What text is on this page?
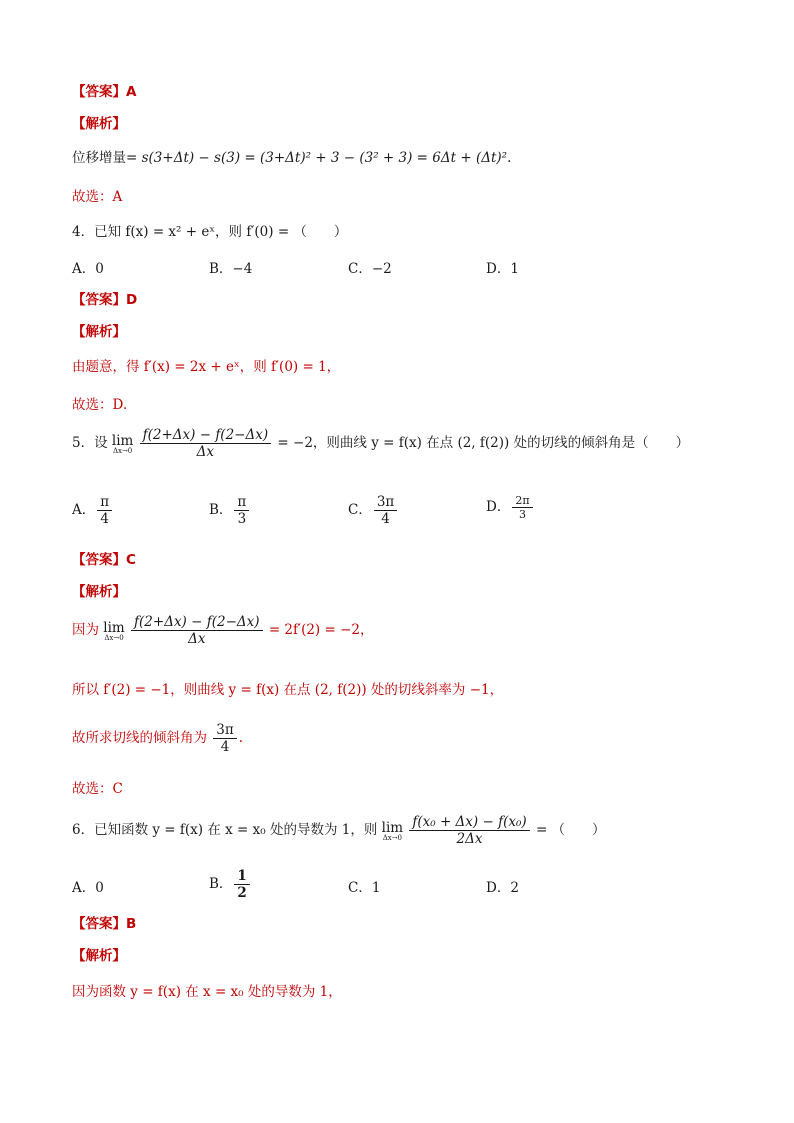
【答案】A
【解析】
位移增量= s(3+Δt) − s(3) = (3+Δt)² + 3 − (3² + 3) = 6Δt + (Δt)².
故选：A
4．已知 f(x) = x² + eˣ，则 f′(0) = （　　）
A．0	B．−4	C．−2	D．1
【答案】D
【解析】
由题意，得 f′(x) = 2x + eˣ，则 f′(0) = 1，
故选：D.
5．设 lim
Δx→0
$\frac{f(2+\Delta x) - f(2-\Delta x)}{\Delta x} = -2$，则曲线 y = f(x) 在点 (2, f(2)) 处的切线的倾斜角是（　　）
A． $\frac{\pi}{4}$	B． $\frac{\pi}{3}$	C． $\frac{3\pi}{4}$	D． $\frac{2\pi}{3}$
【答案】C
【解析】
因为 lim
Δx→0
$\frac{f(2+\Delta x) - f(2-\Delta x)}{\Delta x} = 2f'(2) = -2$，
所以 f′(2) = −1，则曲线 y = f(x) 在点 (2, f(2)) 处的切线斜率为 −1，
故所求切线的倾斜角为 $\frac{3\pi}{4}$ .
故选：C
6．已知函数 y = f(x) 在 x = x₀ 处的导数为 1，则 lim
Δx→0
$\frac{\text{f(x₀ + Δx) − f(x₀)}}{2\Delta x}$ = （　　）
A．0	B． $\frac{1}{2}$	C．1	D．2
【答案】B
【解析】
因为函数 y = f(x) 在 x = x₀ 处的导数为 1，
